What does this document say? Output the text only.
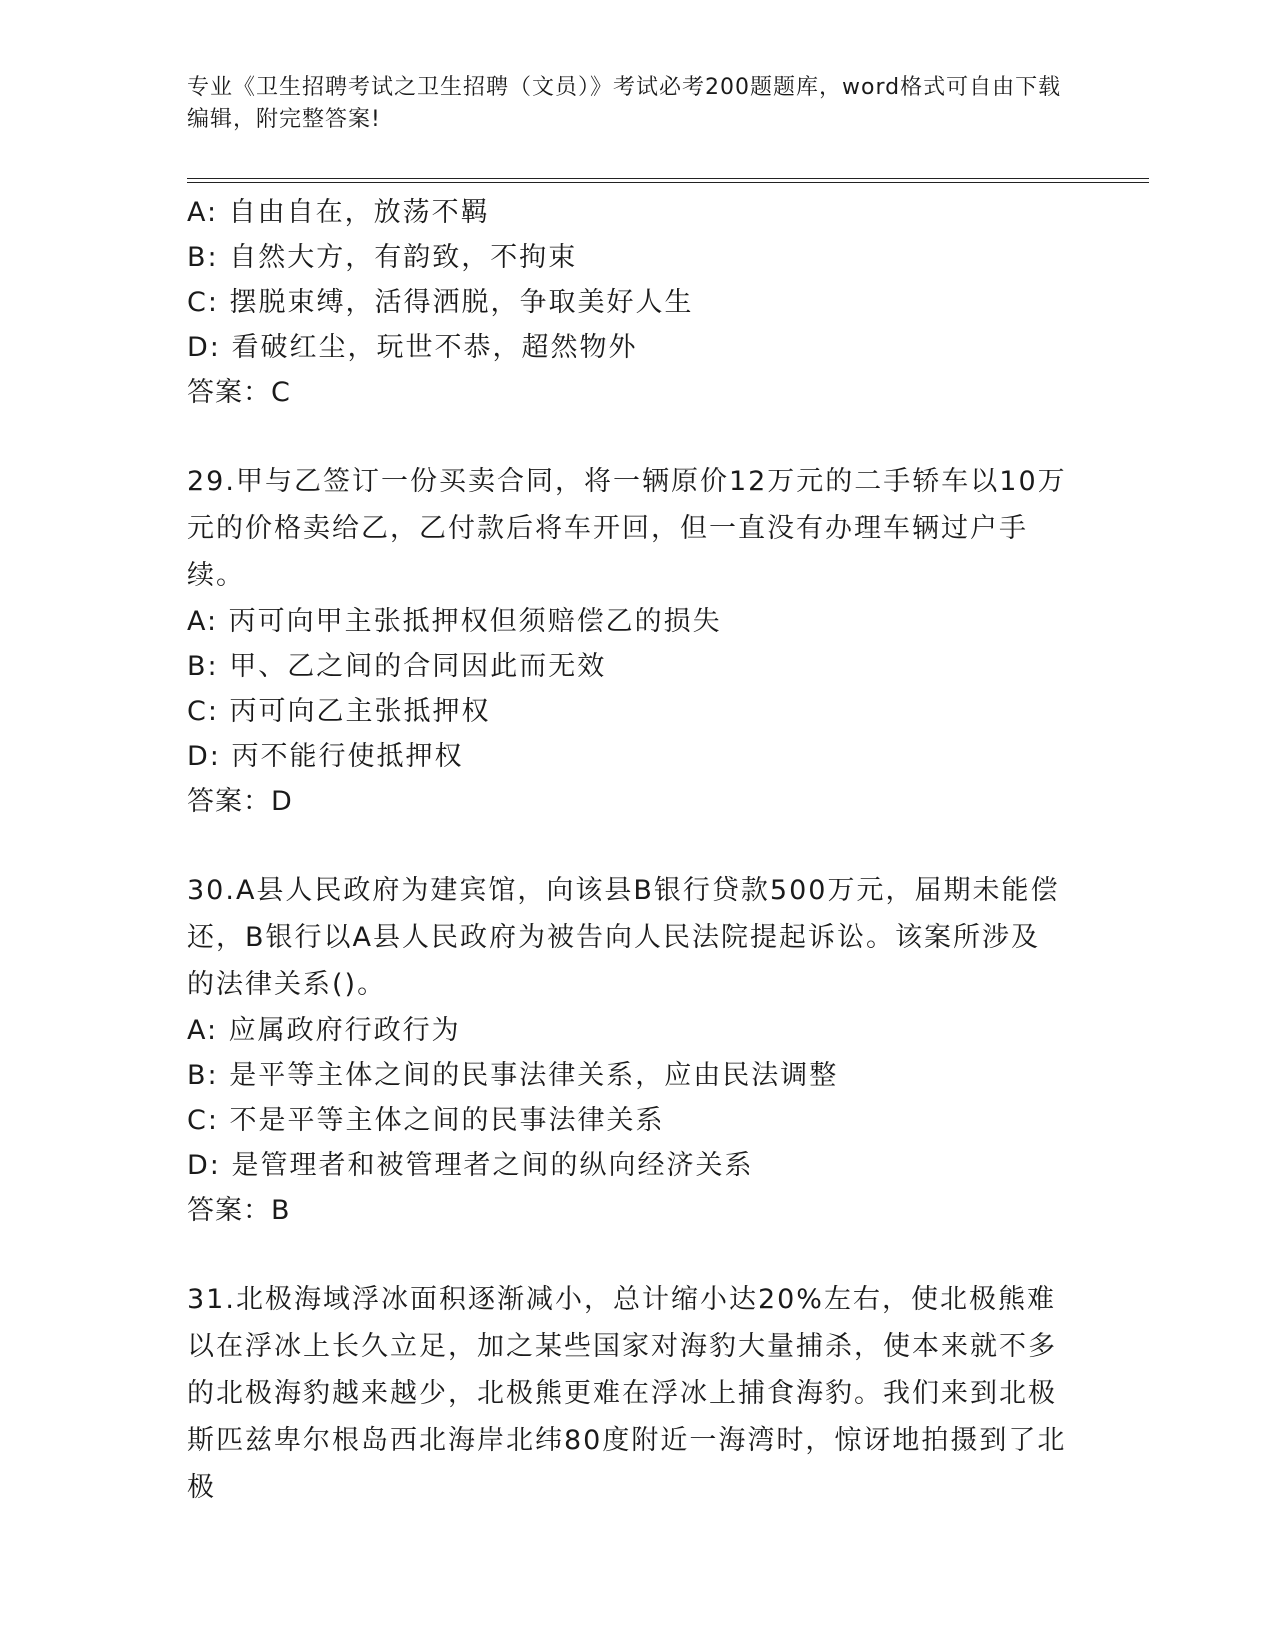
专业《卫生招聘考试之卫生招聘（文员）》考试必考200题题库，word格式可自由下载编辑，附完整答案!
A: 自由自在，放荡不羁
B: 自然大方，有韵致，不拘束
C: 摆脱束缚，活得洒脱，争取美好人生
D: 看破红尘，玩世不恭，超然物外
答案：C
29.甲与乙签订一份买卖合同，将一辆原价12万元的二手轿车以10万元的价格卖给乙，乙付款后将车开回，但一直没有办理车辆过户手续。
A: 丙可向甲主张抵押权但须赔偿乙的损失
B: 甲、乙之间的合同因此而无效
C: 丙可向乙主张抵押权
D: 丙不能行使抵押权
答案：D
30.A县人民政府为建宾馆，向该县B银行贷款500万元，届期未能偿还，B银行以A县人民政府为被告向人民法院提起诉讼。该案所涉及的法律关系()。
A: 应属政府行政行为
B: 是平等主体之间的民事法律关系，应由民法调整
C: 不是平等主体之间的民事法律关系
D: 是管理者和被管理者之间的纵向经济关系
答案：B
31.北极海域浮冰面积逐渐减小，总计缩小达20%左右，使北极熊难以在浮冰上长久立足，加之某些国家对海豹大量捕杀，使本来就不多的北极海豹越来越少，北极熊更难在浮冰上捕食海豹。我们来到北极斯匹兹卑尔根岛西北海岸北纬80度附近一海湾时，惊讶地拍摄到了北极
